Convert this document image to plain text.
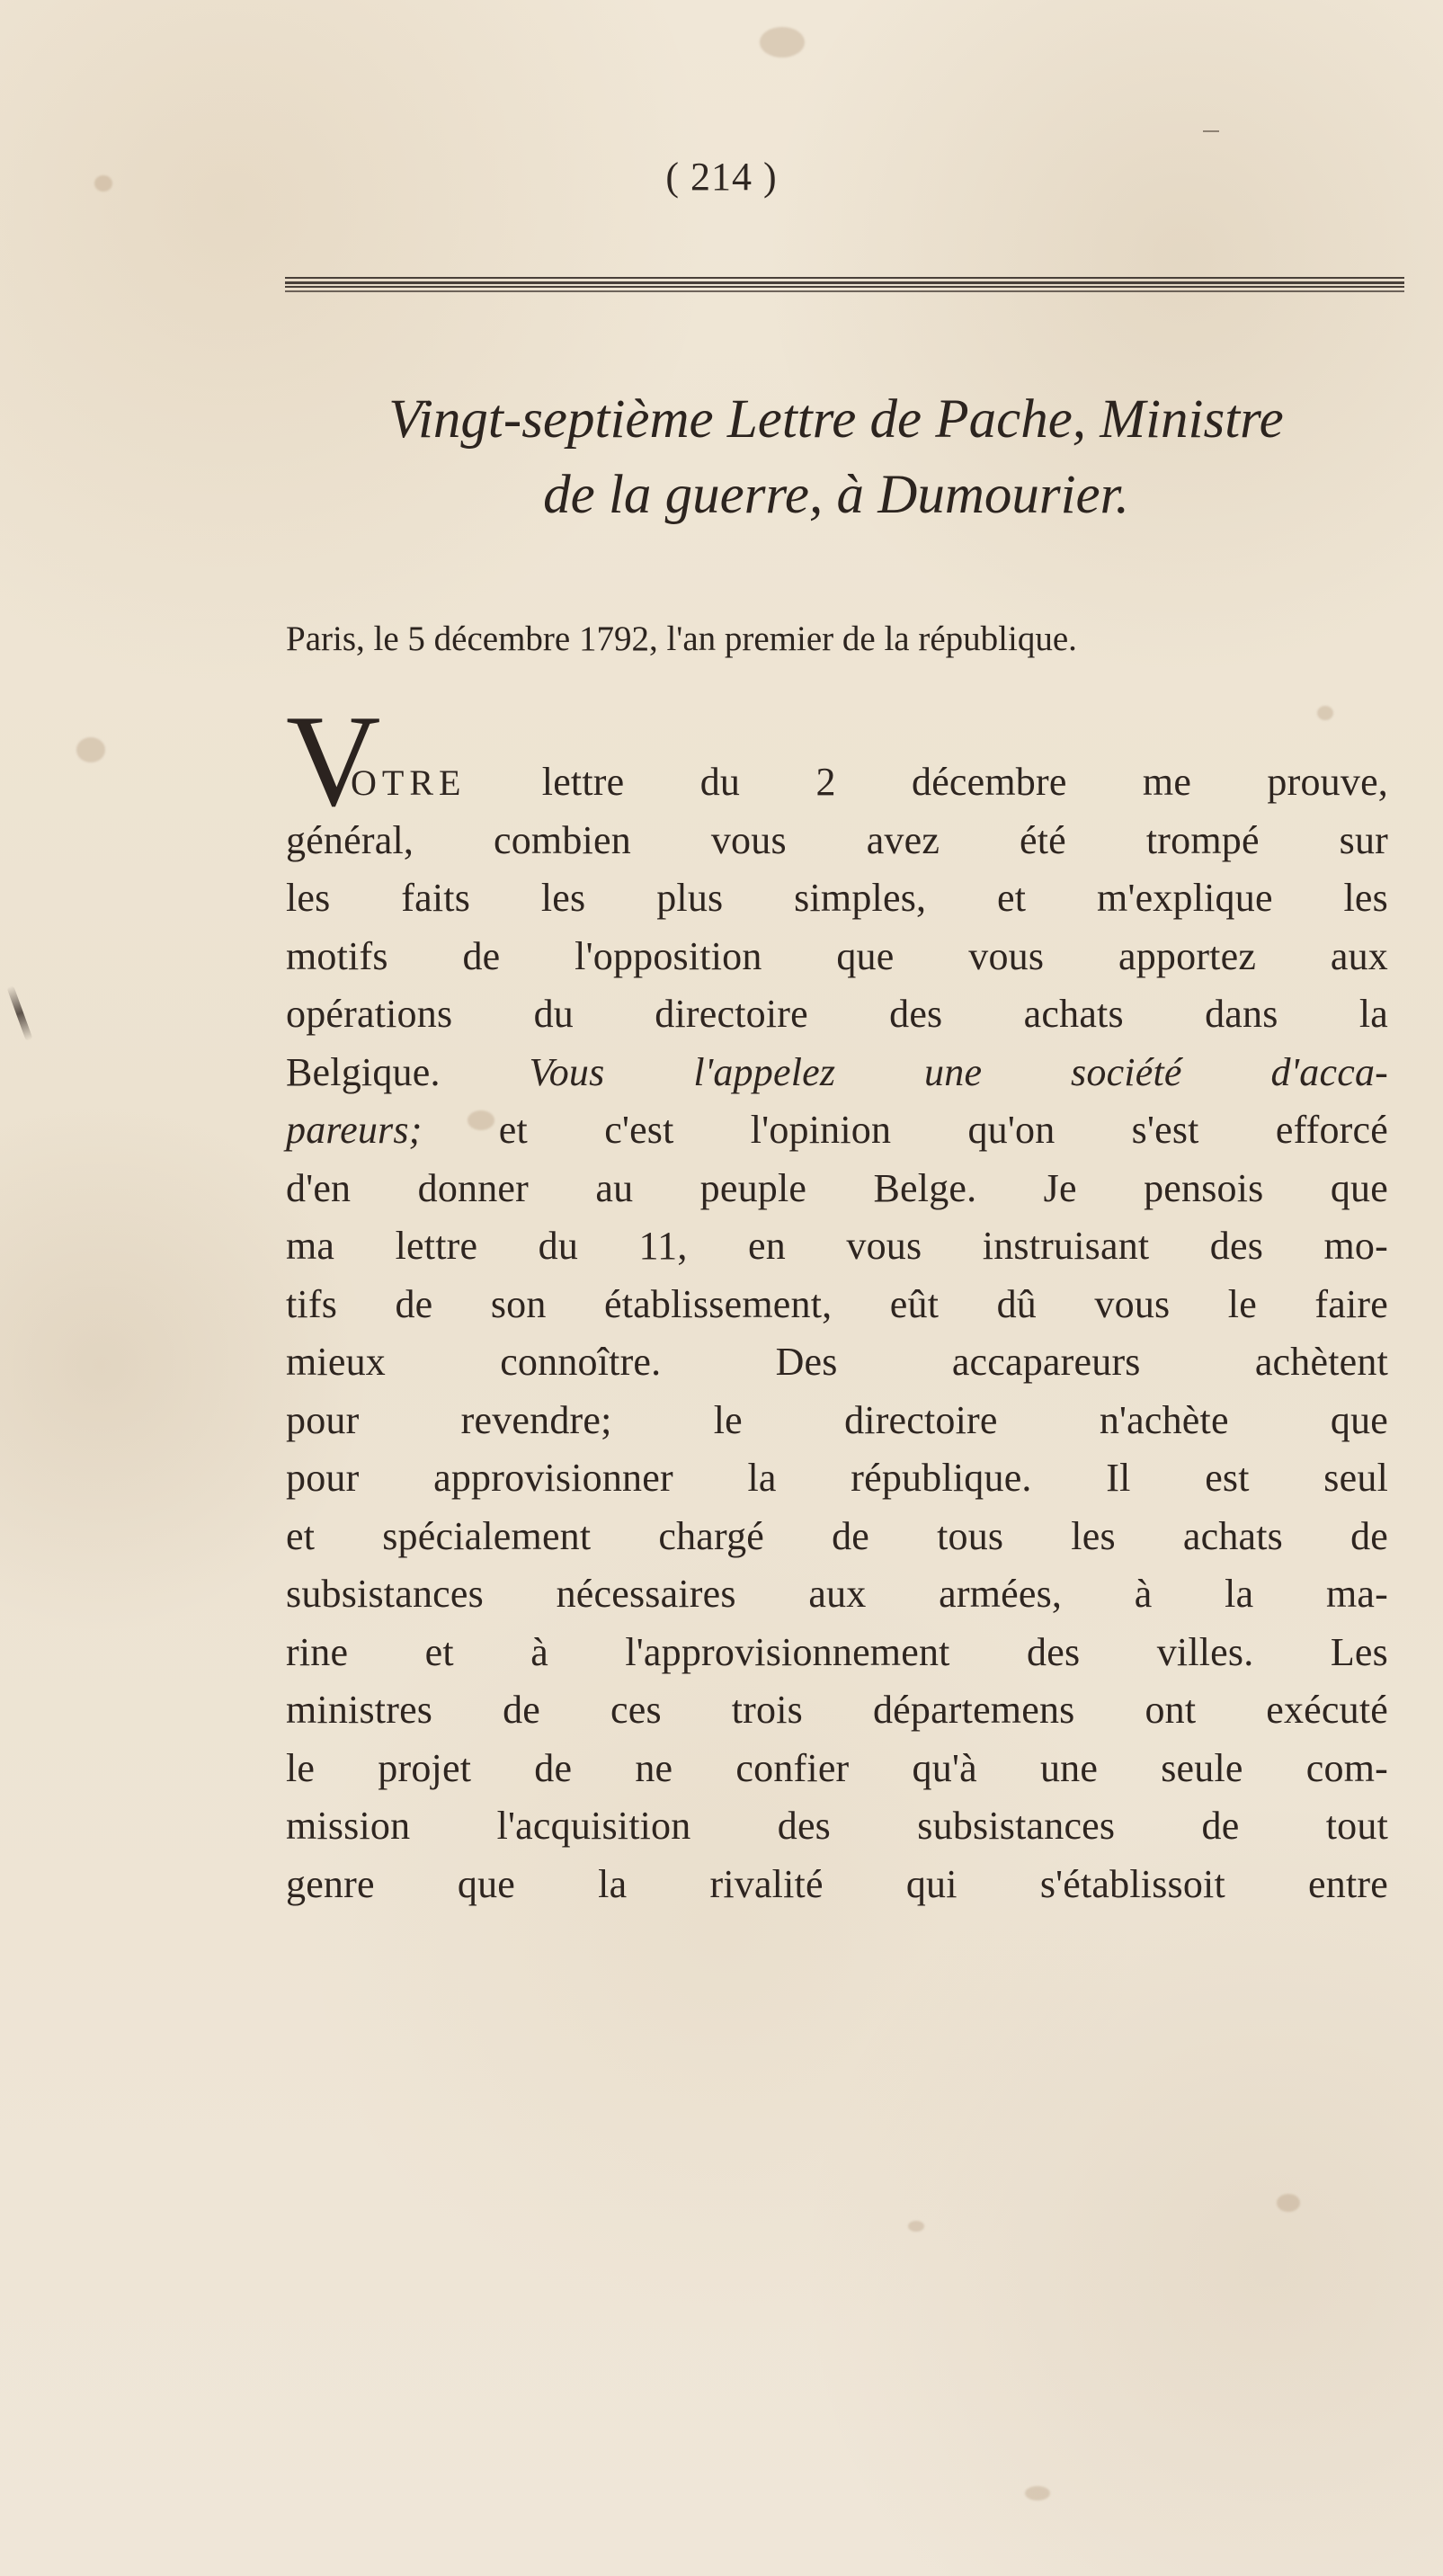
( 214 )
Vingt-septième Lettre de Pache, Ministre
de la guerre, à Dumourier.
Paris, le 5 décembre 1792, l'an premier de la république.
V
OTRE lettre du 2 décembre me prouve,
général, combien vous avez été trompé sur
les faits les plus simples, et m'explique les
motifs de l'opposition que vous apportez aux
opérations du directoire des achats dans la
Belgique. Vous l'appelez une société d'acca-
pareurs; et c'est l'opinion qu'on s'est efforcé
d'en donner au peuple Belge. Je pensois que
ma lettre du 11, en vous instruisant des mo-
tifs de son établissement, eût dû vous le faire
mieux connoître. Des accapareurs achètent
pour revendre; le directoire n'achète que
pour approvisionner la république. Il est seul
et spécialement chargé de tous les achats de
subsistances nécessaires aux armées, à la ma-
rine et à l'approvisionnement des villes. Les
ministres de ces trois départemens ont exécuté
le projet de ne confier qu'à une seule com-
mission l'acquisition des subsistances de tout
genre que la rivalité qui s'établissoit entre
